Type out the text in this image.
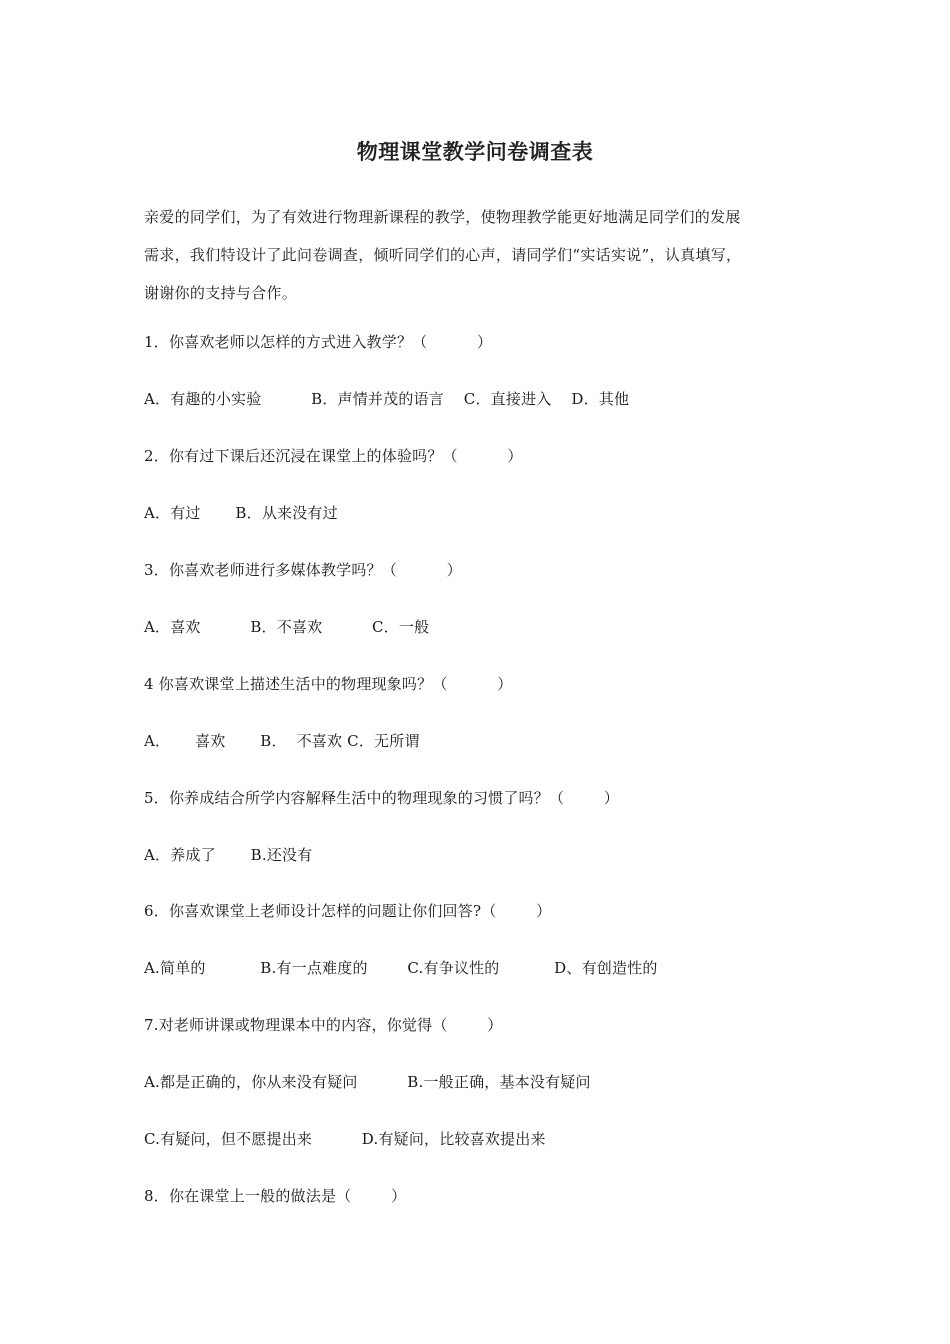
物理课堂教学问卷调查表

亲爱的同学们，为了有效进行物理新课程的教学，使物理教学能更好地满足同学们的发展

需求，我们特设计了此问卷调查，倾听同学们的心声，请同学们“实话实说”，认真填写，

谢谢你的支持与合作。

1．你喜欢老师以怎样的方式进入教学？（          ）
A．有趣的小实验          B．声情并茂的语言    C．直接进入    D．其他
2．你有过下课后还沉浸在课堂上的体验吗？（          ）
A．有过       B．从来没有过
3．你喜欢老师进行多媒体教学吗？（          ）
A．喜欢          B．不喜欢          C．一般
4 你喜欢课堂上描述生活中的物理现象吗？（          ）
A．     喜欢       B．  不喜欢 C．无所谓
5．你养成结合所学内容解释生活中的物理现象的习惯了吗？（        ）
A．养成了       B.还没有
6．你喜欢课堂上老师设计怎样的问题让你们回答?（        ）
A.简单的           B.有一点难度的        C.有争议性的           D、有创造性的
7.对老师讲课或物理课本中的内容，你觉得（        ）
A.都是正确的，你从来没有疑问          B.一般正确，基本没有疑问
C.有疑问，但不愿提出来          D.有疑问，比较喜欢提出来
8．你在课堂上一般的做法是（        ）
